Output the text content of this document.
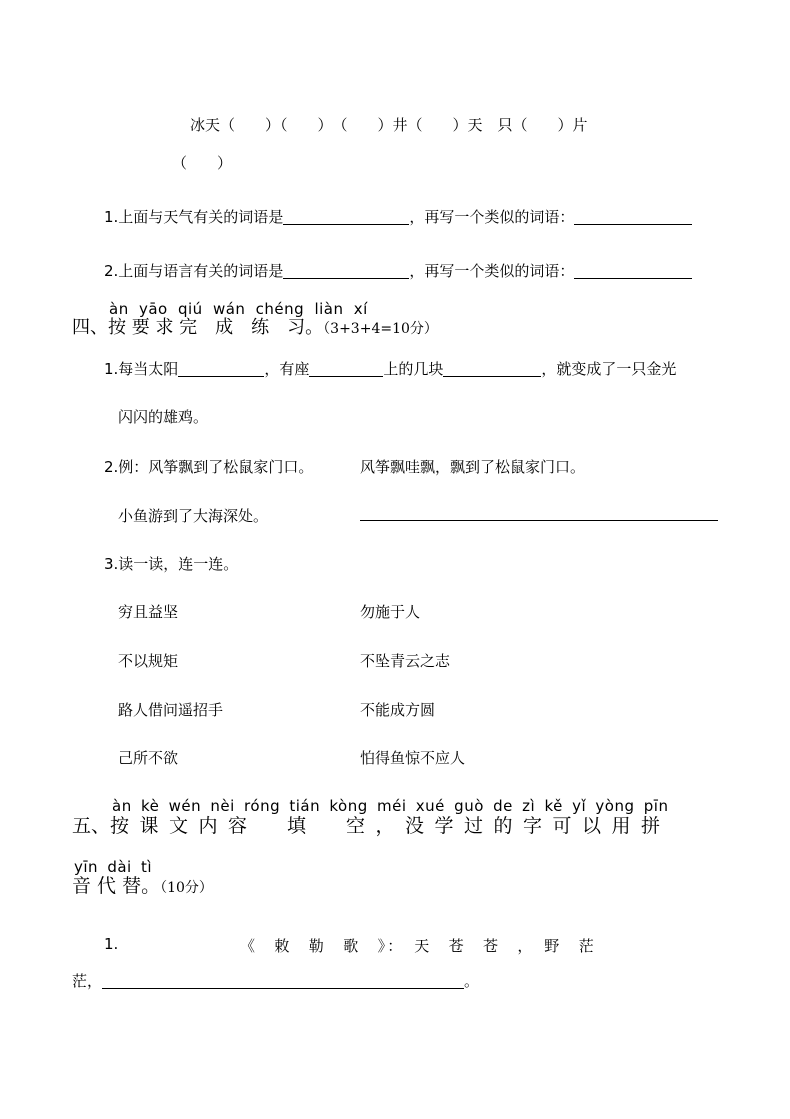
冰天（　　）（　　）　（　　）井（　　）天　只（　　）片
（　　）
1.上面与天气有关的词语是	，再写一个类似的词语：
2.上面与语言有关的词语是	，再写一个类似的词语：
àn yāo qiú wán chéng liàn xí
四、按 要 求 完　成　练　习。（3+3+4=10分）
1.每当太阳	，有座	上的几块	，就变成了一只金光
闪闪的雄鸡。
2.例：风筝飘到了松鼠家门口。	风筝飘哇飘，飘到了松鼠家门口。
小鱼游到了大海深处。
3.读一读，连一连。
穷且益坚	勿施于人
不以规矩	不坠青云之志
路人借问遥招手	不能成方圆
己所不欲	怕得鱼惊不应人
àn kè wén nèi róng tián kòng méi xué guò de zì kě yǐ yòng pīn
五、按课文内容　填　空，没学过的字可以用拼
yīn dài tì
音 代 替。（10分）
1.	《　敕　勒　歌　》：　天　苍　苍　，　野　茫
茫，	。
